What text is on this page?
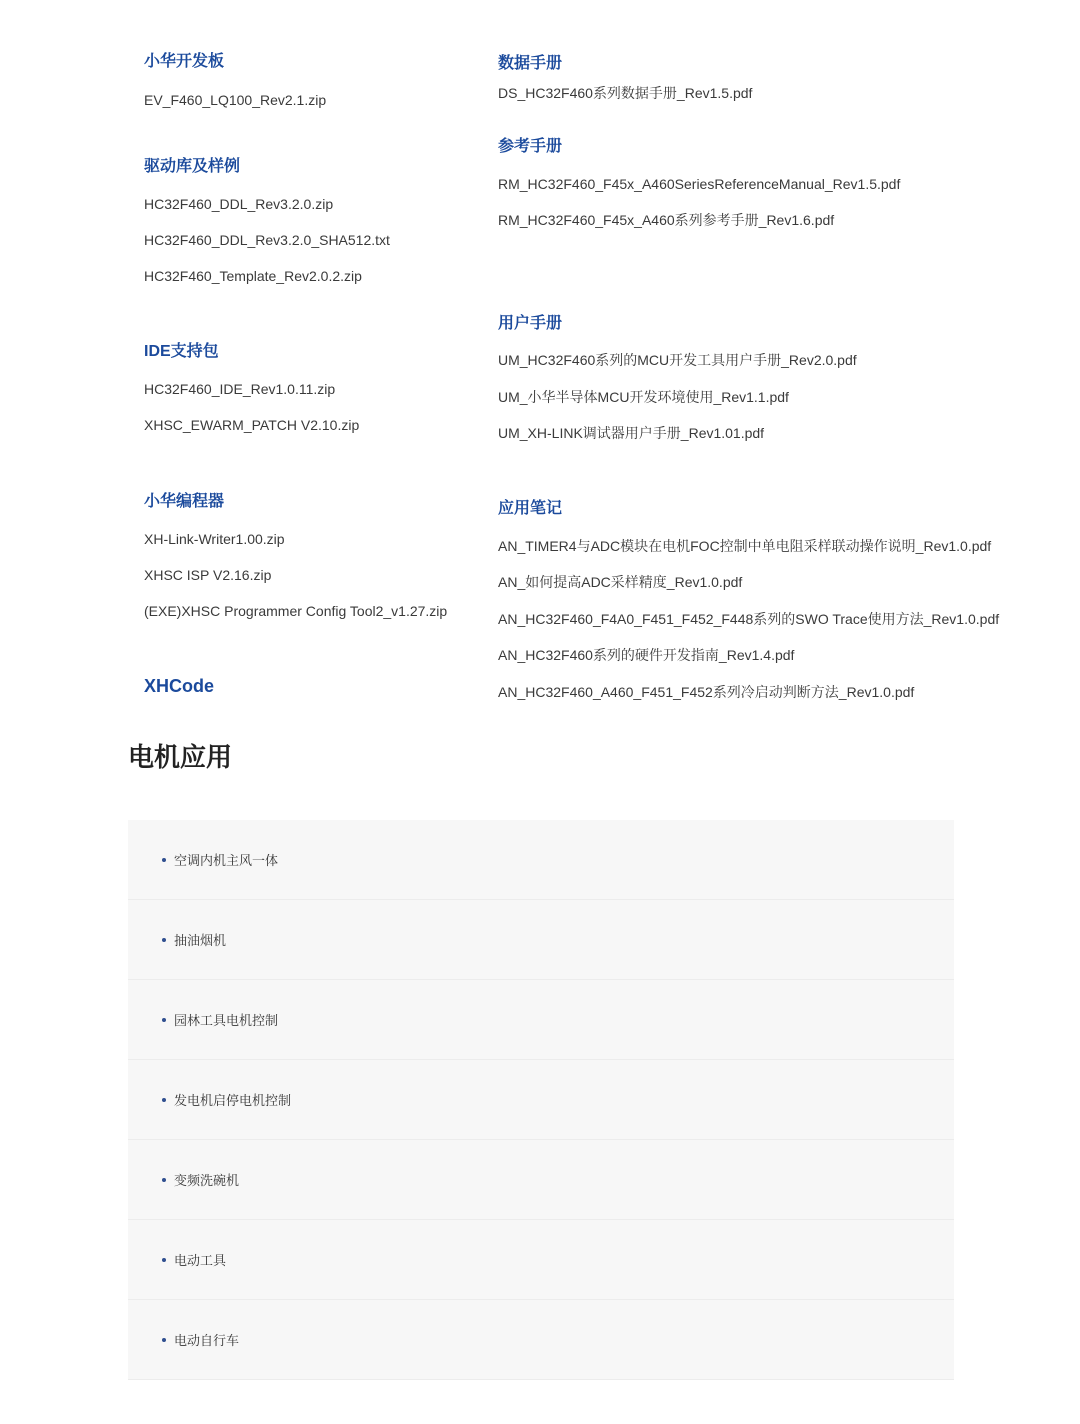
小华开发板
EV_F460_LQ100_Rev2.1.zip
驱动库及样例
HC32F460_DDL_Rev3.2.0.zip
HC32F460_DDL_Rev3.2.0_SHA512.txt
HC32F460_Template_Rev2.0.2.zip
IDE支持包
HC32F460_IDE_Rev1.0.11.zip
XHSC_EWARM_PATCH V2.10.zip
小华编程器
XH-Link-Writer1.00.zip
XHSC ISP V2.16.zip
(EXE)XHSC Programmer Config Tool2_v1.27.zip
XHCode
数据手册
DS_HC32F460系列数据手册_Rev1.5.pdf
参考手册
RM_HC32F460_F45x_A460SeriesReferenceManual_Rev1.5.pdf
RM_HC32F460_F45x_A460系列参考手册_Rev1.6.pdf
用户手册
UM_HC32F460系列的MCU开发工具用户手册_Rev2.0.pdf
UM_小华半导体MCU开发环境使用_Rev1.1.pdf
UM_XH-LINK调试器用户手册_Rev1.01.pdf
应用笔记
AN_TIMER4与ADC模块在电机FOC控制中单电阻采样联动操作说明_Rev1.0.pdf
AN_如何提高ADC采样精度_Rev1.0.pdf
AN_HC32F460_F4A0_F451_F452_F448系列的SWO Trace使用方法_Rev1.0.pdf
AN_HC32F460系列的硬件开发指南_Rev1.4.pdf
AN_HC32F460_A460_F451_F452系列冷启动判断方法_Rev1.0.pdf
电机应用
空调内机主风一体
抽油烟机
园林工具电机控制
发电机启停电机控制
变频洗碗机
电动工具
电动自行车
